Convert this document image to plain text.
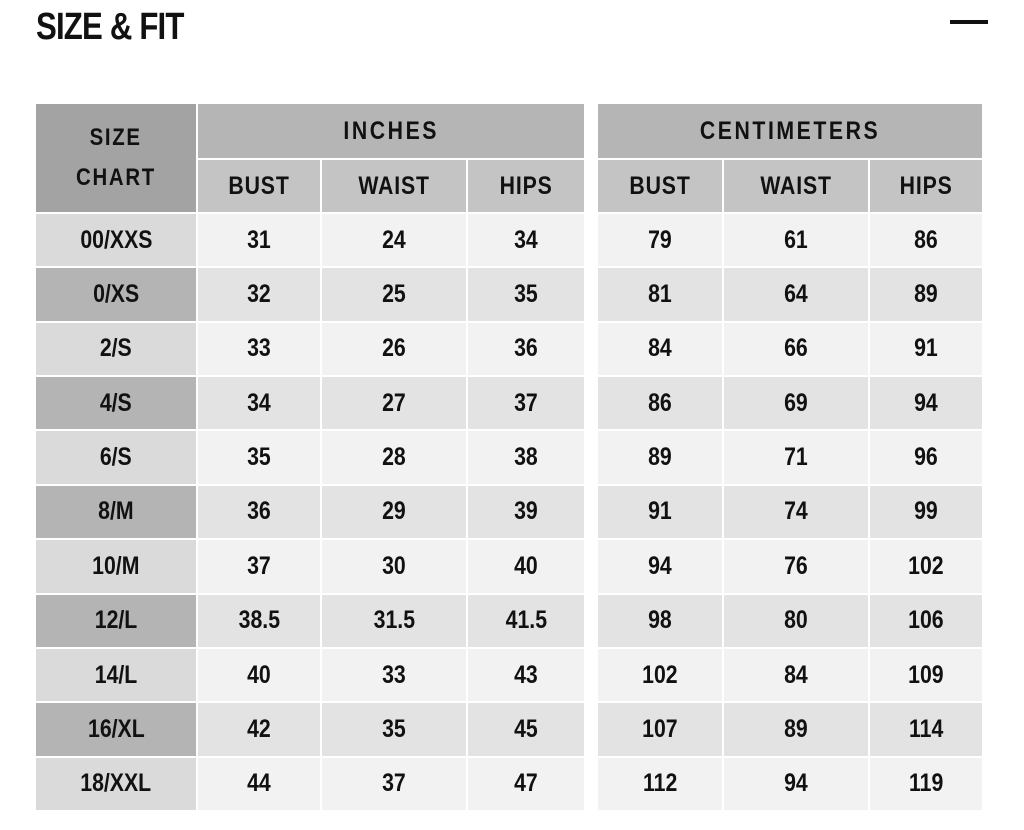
SIZE & FIT
SIZE
CHART
INCHES	CENTIMETERS
BUST	WAIST	HIPS	BUST	WAIST	HIPS
00/XXS	31	24	34	79	61	86
0/XS	32	25	35	81	64	89
2/S	33	26	36	84	66	91
4/S	34	27	37	86	69	94
6/S	35	28	38	89	71	96
8/M	36	29	39	91	74	99
10/M	37	30	40	94	76	102
12/L	38.5	31.5	41.5	98	80	106
14/L	40	33	43	102	84	109
16/XL	42	35	45	107	89	114
18/XXL	44	37	47	112	94	119
